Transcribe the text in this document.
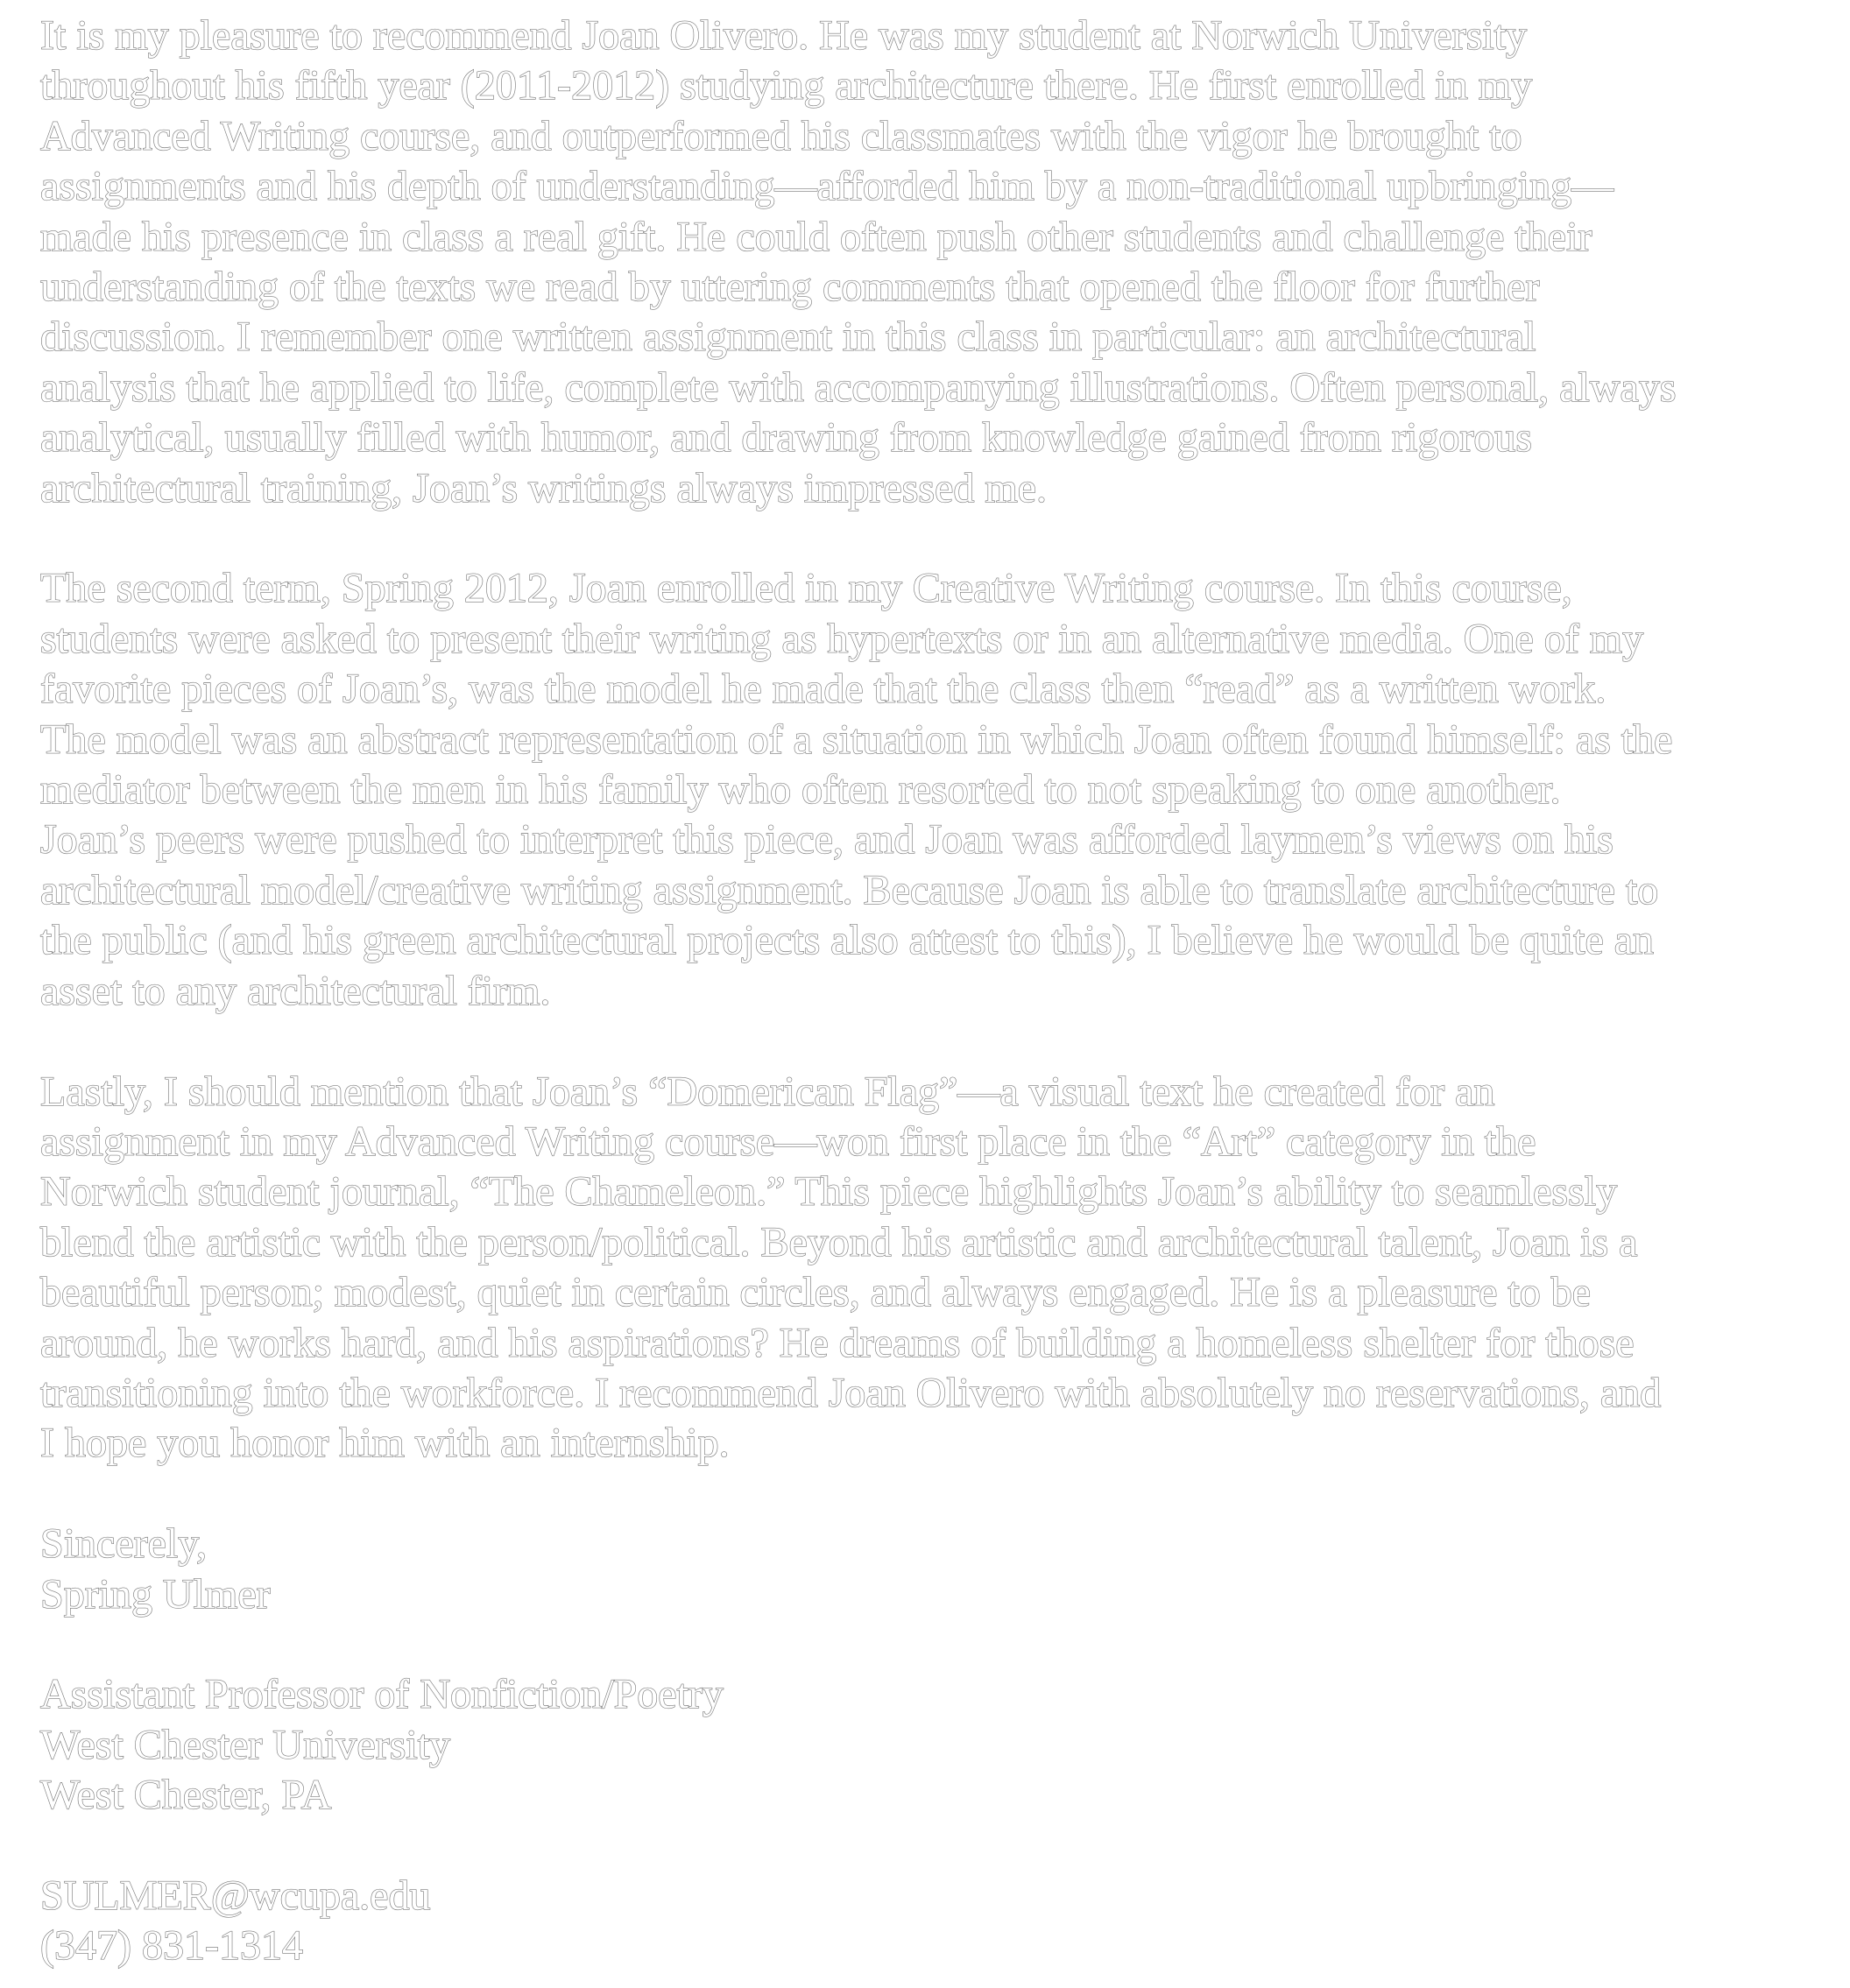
It is my pleasure to recommend Joan Olivero. He was my student at Norwich University
throughout his fifth year (2011-2012) studying architecture there. He first enrolled in my
Advanced Writing course, and outperformed his classmates with the vigor he brought to
assignments and his depth of understanding—afforded him by a non-traditional upbringing—
made his presence in class a real gift. He could often push other students and challenge their
understanding of the texts we read by uttering comments that opened the floor for further
discussion. I remember one written assignment in this class in particular: an architectural
analysis that he applied to life, complete with accompanying illustrations. Often personal, always
analytical, usually filled with humor, and drawing from knowledge gained from rigorous
architectural training, Joan’s writings always impressed me.
The second term, Spring 2012, Joan enrolled in my Creative Writing course. In this course,
students were asked to present their writing as hypertexts or in an alternative media. One of my
favorite pieces of Joan’s, was the model he made that the class then “read” as a written work.
The model was an abstract representation of a situation in which Joan often found himself: as the
mediator between the men in his family who often resorted to not speaking to one another.
Joan’s peers were pushed to interpret this piece, and Joan was afforded laymen’s views on his
architectural model/creative writing assignment. Because Joan is able to translate architecture to
the public (and his green architectural projects also attest to this), I believe he would be quite an
asset to any architectural firm.
Lastly, I should mention that Joan’s “Domerican Flag”—a visual text he created for an
assignment in my Advanced Writing course—won first place in the “Art” category in the
Norwich student journal, “The Chameleon.” This piece highlights Joan’s ability to seamlessly
blend the artistic with the person/political. Beyond his artistic and architectural talent, Joan is a
beautiful person; modest, quiet in certain circles, and always engaged. He is a pleasure to be
around, he works hard, and his aspirations? He dreams of building a homeless shelter for those
transitioning into the workforce. I recommend Joan Olivero with absolutely no reservations, and
I hope you honor him with an internship.
Sincerely,
Spring Ulmer
Assistant Professor of Nonfiction/Poetry
West Chester University
West Chester, PA
SULMER@wcupa.edu
(347) 831-1314
